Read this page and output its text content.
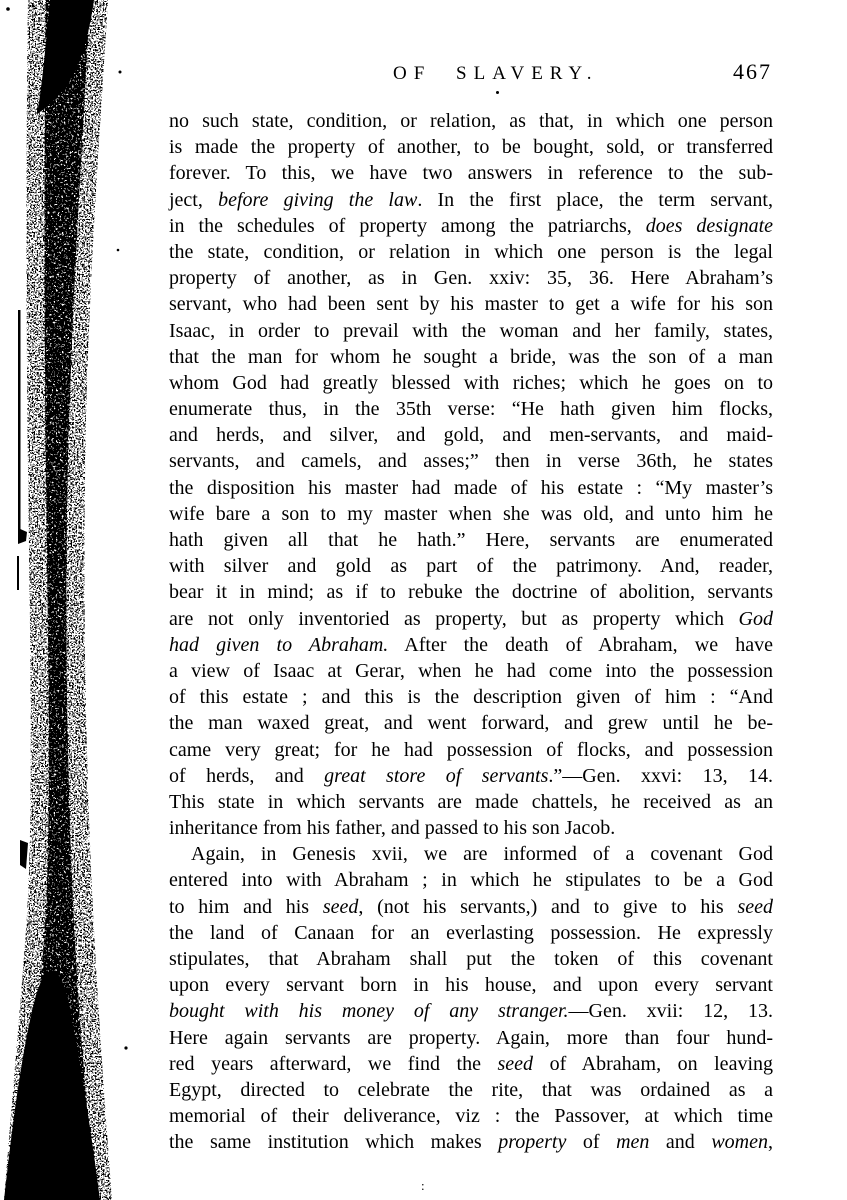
OF SLAVERY.	467
no such state, condition, or relation, as that, in which one person
is made the property of another, to be bought, sold, or transferred
forever. To this, we have two answers in reference to the sub-
ject, before giving the law. In the first place, the term servant,
in the schedules of property among the patriarchs, does designate
the state, condition, or relation in which one person is the legal
property of another, as in Gen. xxiv: 35, 36. Here Abraham’s
servant, who had been sent by his master to get a wife for his son
Isaac, in order to prevail with the woman and her family, states,
that the man for whom he sought a bride, was the son of a man
whom God had greatly blessed with riches; which he goes on to
enumerate thus, in the 35th verse: “He hath given him flocks,
and herds, and silver, and gold, and men-servants, and maid-
servants, and camels, and asses;” then in verse 36th, he states
the disposition his master had made of his estate : “My master’s
wife bare a son to my master when she was old, and unto him he
hath given all that he hath.” Here, servants are enumerated
with silver and gold as part of the patrimony. And, reader,
bear it in mind; as if to rebuke the doctrine of abolition, servants
are not only inventoried as property, but as property which God
had given to Abraham. After the death of Abraham, we have
a view of Isaac at Gerar, when he had come into the possession
of this estate ; and this is the description given of him : “And
the man waxed great, and went forward, and grew until he be-
came very great; for he had possession of flocks, and possession
of herds, and great store of servants.”—Gen. xxvi: 13, 14.
This state in which servants are made chattels, he received as an
inheritance from his father, and passed to his son Jacob.
Again, in Genesis xvii, we are informed of a covenant God
entered into with Abraham ; in which he stipulates to be a God
to him and his seed, (not his servants,) and to give to his seed
the land of Canaan for an everlasting possession. He expressly
stipulates, that Abraham shall put the token of this covenant
upon every servant born in his house, and upon every servant
bought with his money of any stranger.—Gen. xvii: 12, 13.
Here again servants are property. Again, more than four hund-
red years afterward, we find the seed of Abraham, on leaving
Egypt, directed to celebrate the rite, that was ordained as a
memorial of their deliverance, viz : the Passover, at which time
the same institution which makes property of men and women,
:
